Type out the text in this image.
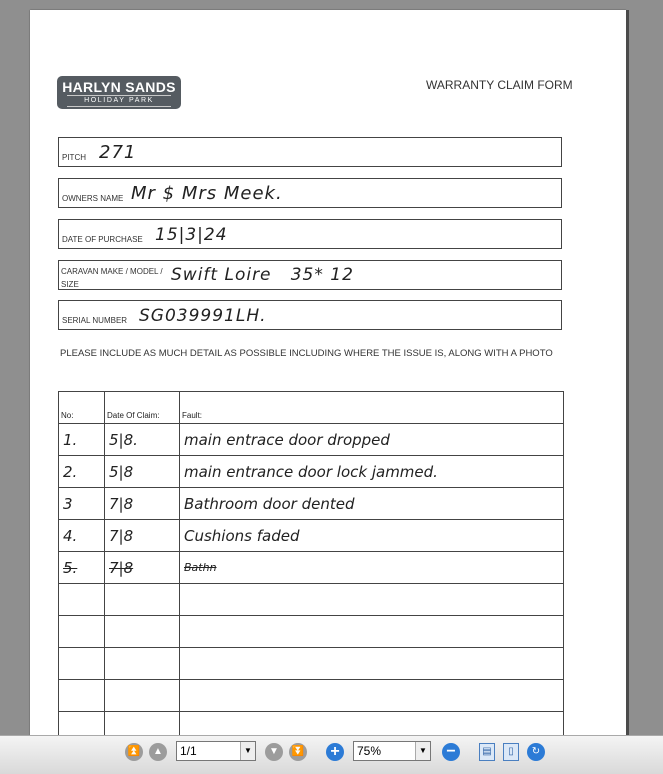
HARLYN SANDS
HOLIDAY PARK
WARRANTY CLAIM FORM
PITCH 271
OWNERS NAME Mr $ Mrs Meek.
DATE OF PURCHASE 15|3|24
CARAVAN MAKE / MODEL / SIZE	Swift Loire   35* 12
SERIAL NUMBER SG039991LH.
PLEASE INCLUDE AS MUCH DETAIL AS POSSIBLE INCLUDING WHERE THE ISSUE IS, ALONG WITH A PHOTO
No:	Date Of Claim:	Fault:
1.	5|8.	main entrace door dropped
2.	5|8	main entrance door lock jammed.
3	7|8	Bathroom door dented
4.	7|8	Cushions faded
5.	7|8	Bathn

⏫	▲	1/1	▼	▼	⏬ +	75%	▼ −	▤	▯	↻
